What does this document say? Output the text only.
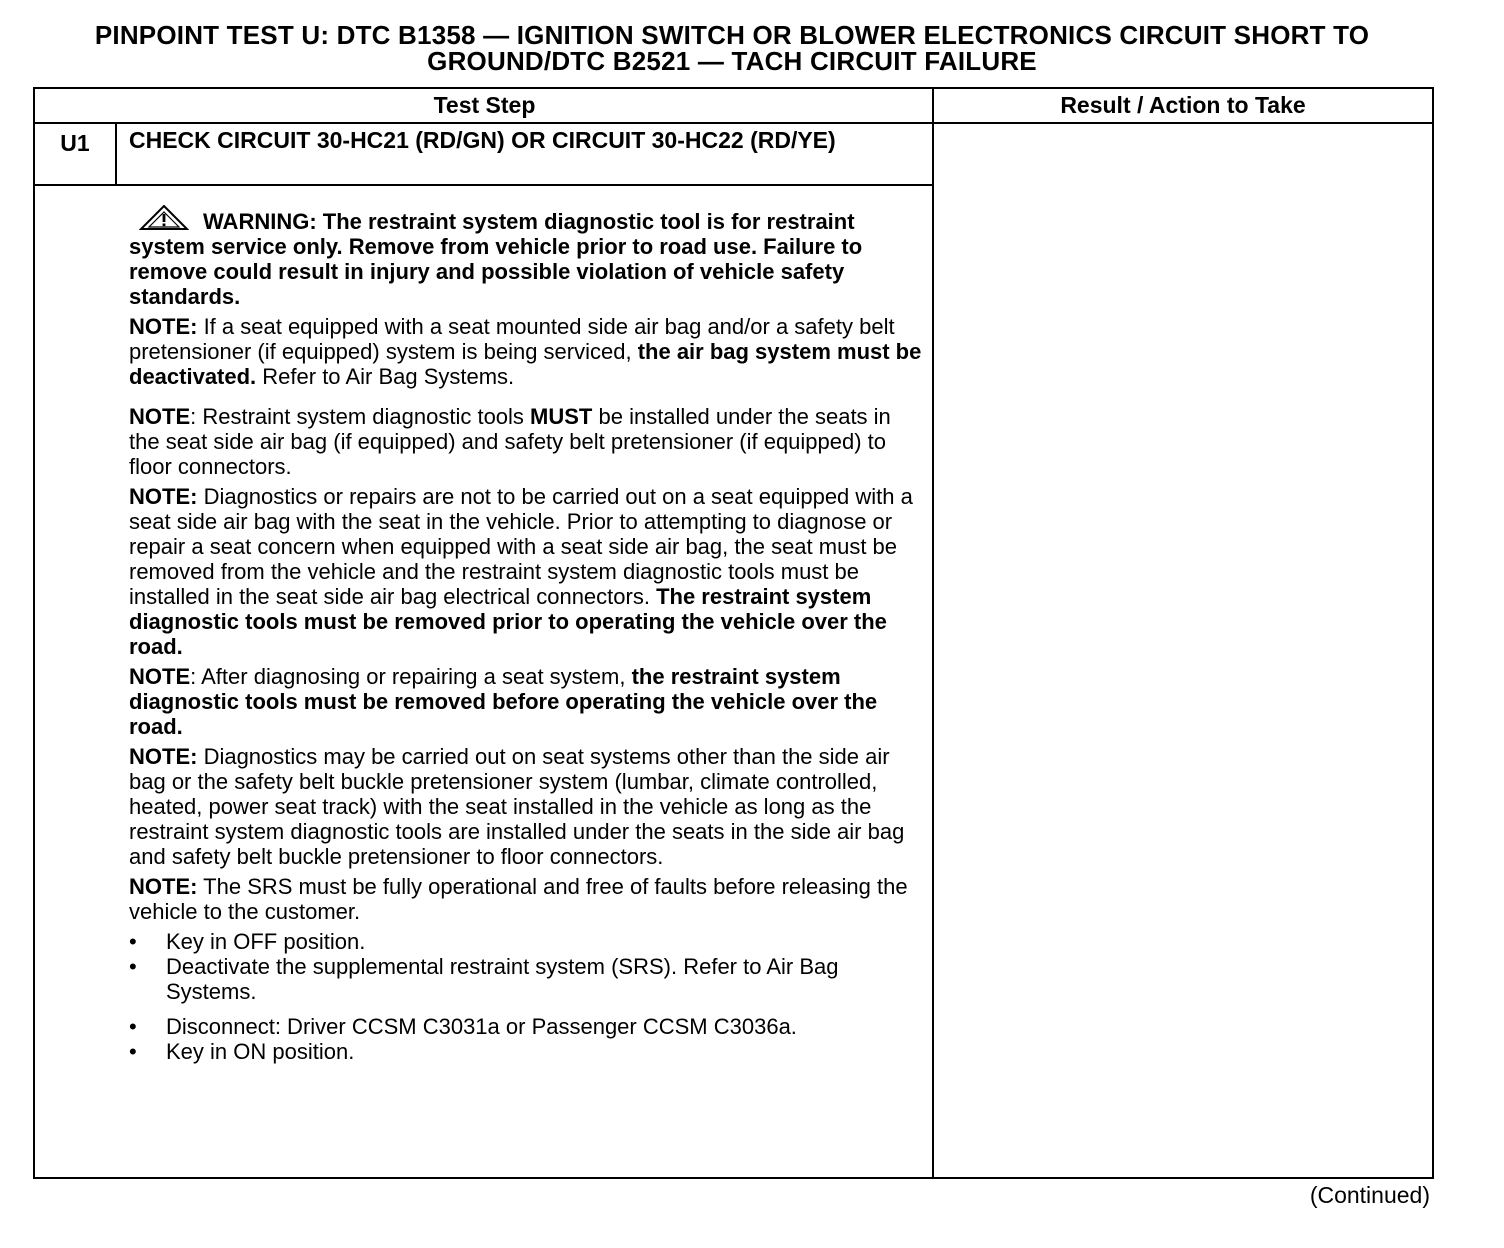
PINPOINT TEST U: DTC B1358 — IGNITION SWITCH OR BLOWER ELECTRONICS CIRCUIT SHORT TO
GROUND/DTC B2521 — TACH CIRCUIT FAILURE
Test Step	Result / Action to Take
U1	CHECK CIRCUIT 30-HC21 (RD/GN) OR CIRCUIT 30-HC22 (RD/YE)

WARNING: The restraint system diagnostic tool is for restraint system service only. Remove from vehicle prior to road use. Failure to remove could result in injury and possible violation of vehicle safety standards.

NOTE: If a seat equipped with a seat mounted side air bag and/or a safety belt pretensioner (if equipped) system is being serviced, the air bag system must be deactivated. Refer to Air Bag Systems.

NOTE: Restraint system diagnostic tools MUST be installed under the seats in the seat side air bag (if equipped) and safety belt pretensioner (if equipped) to floor connectors.

NOTE: Diagnostics or repairs are not to be carried out on a seat equipped with a seat side air bag with the seat in the vehicle. Prior to attempting to diagnose or repair a seat concern when equipped with a seat side air bag, the seat must be removed from the vehicle and the restraint system diagnostic tools must be installed in the seat side air bag electrical connectors. The restraint system diagnostic tools must be removed prior to operating the vehicle over the road.

NOTE: After diagnosing or repairing a seat system, the restraint system diagnostic tools must be removed before operating the vehicle over the road.

NOTE: Diagnostics may be carried out on seat systems other than the side air bag or the safety belt buckle pretensioner system (lumbar, climate controlled, heated, power seat track) with the seat installed in the vehicle as long as the restraint system diagnostic tools are installed under the seats in the side air bag and safety belt buckle pretensioner to floor connectors.

NOTE: The SRS must be fully operational and free of faults before releasing the vehicle to the customer.

• Key in OFF position.
• Deactivate the supplemental restraint system (SRS). Refer to Air Bag Systems.
• Disconnect: Driver CCSM C3031a or Passenger CCSM C3036a.
• Key in ON position.
(Continued)
